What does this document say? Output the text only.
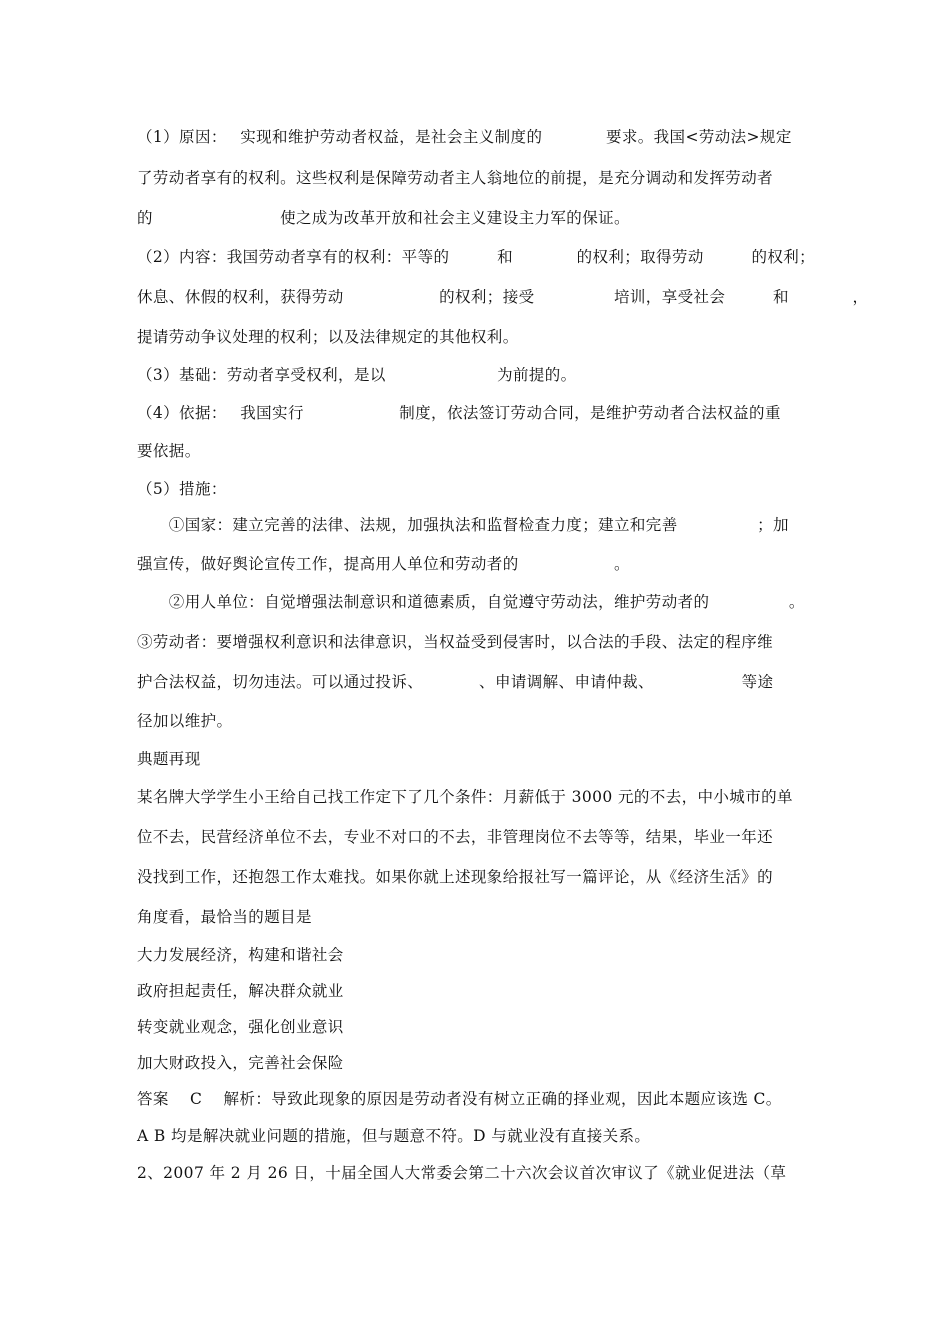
（1）原因：　 实现和维护劳动者权益，是社会主义制度的　　　　要求。我国<劳动法>规定
了劳动者享有的权利。这些权利是保障劳动者主人翁地位的前提，是充分调动和发挥劳动者
的　　　　　　　　使之成为改革开放和社会主义建设主力军的保证。
（2）内容：我国劳动者享有的权利：平等的　　　和　　　　的权利；取得劳动　　　的权利；
休息、休假的权利，获得劳动　　　　　　的权利；接受　　　　　培训，享受社会　　　和　　　　，
提请劳动争议处理的权利；以及法律规定的其他权利。
（3）基础：劳动者享受权利，是以　　　　　　　为前提的。
（4）依据：　 我国实行　　　　　　制度，依法签订劳动合同，是维护劳动者合法权益的重
要依据。
（5）措施：
　　①国家：建立完善的法律、法规，加强执法和监督检查力度；建立和完善　　　　　；加
强宣传，做好舆论宣传工作，提高用人单位和劳动者的　　　　　　。
　　②用人单位：自觉增强法制意识和道德素质，自觉遵守劳动法，维护劳动者的　　　　　。
③劳动者：要增强权利意识和法律意识，当权益受到侵害时，以合法的手段、法定的程序维
护合法权益，切勿违法。可以通过投诉、　　　　、申请调解、申请仲裁、　　　　　　等途
径加以维护。
典题再现
某名牌大学学生小王给自己找工作定下了几个条件：月薪低于 3000 元的不去，中小城市的单
位不去，民营经济单位不去，专业不对口的不去，非管理岗位不去等等，结果，毕业一年还
没找到工作，还抱怨工作太难找。如果你就上述现象给报社写一篇评论，从《经济生活》的
角度看，最恰当的题目是
大力发展经济，构建和谐社会
政府担起责任，解决群众就业
转变就业观念，强化创业意识
加大财政投入，完善社会保险
答案　 C　 解析：导致此现象的原因是劳动者没有树立正确的择业观，因此本题应该选 C。
A B 均是解决就业问题的措施，但与题意不符。D 与就业没有直接关系。
2、2007 年 2 月 26 日，十届全国人大常委会第二十六次会议首次审议了《就业促进法（草
